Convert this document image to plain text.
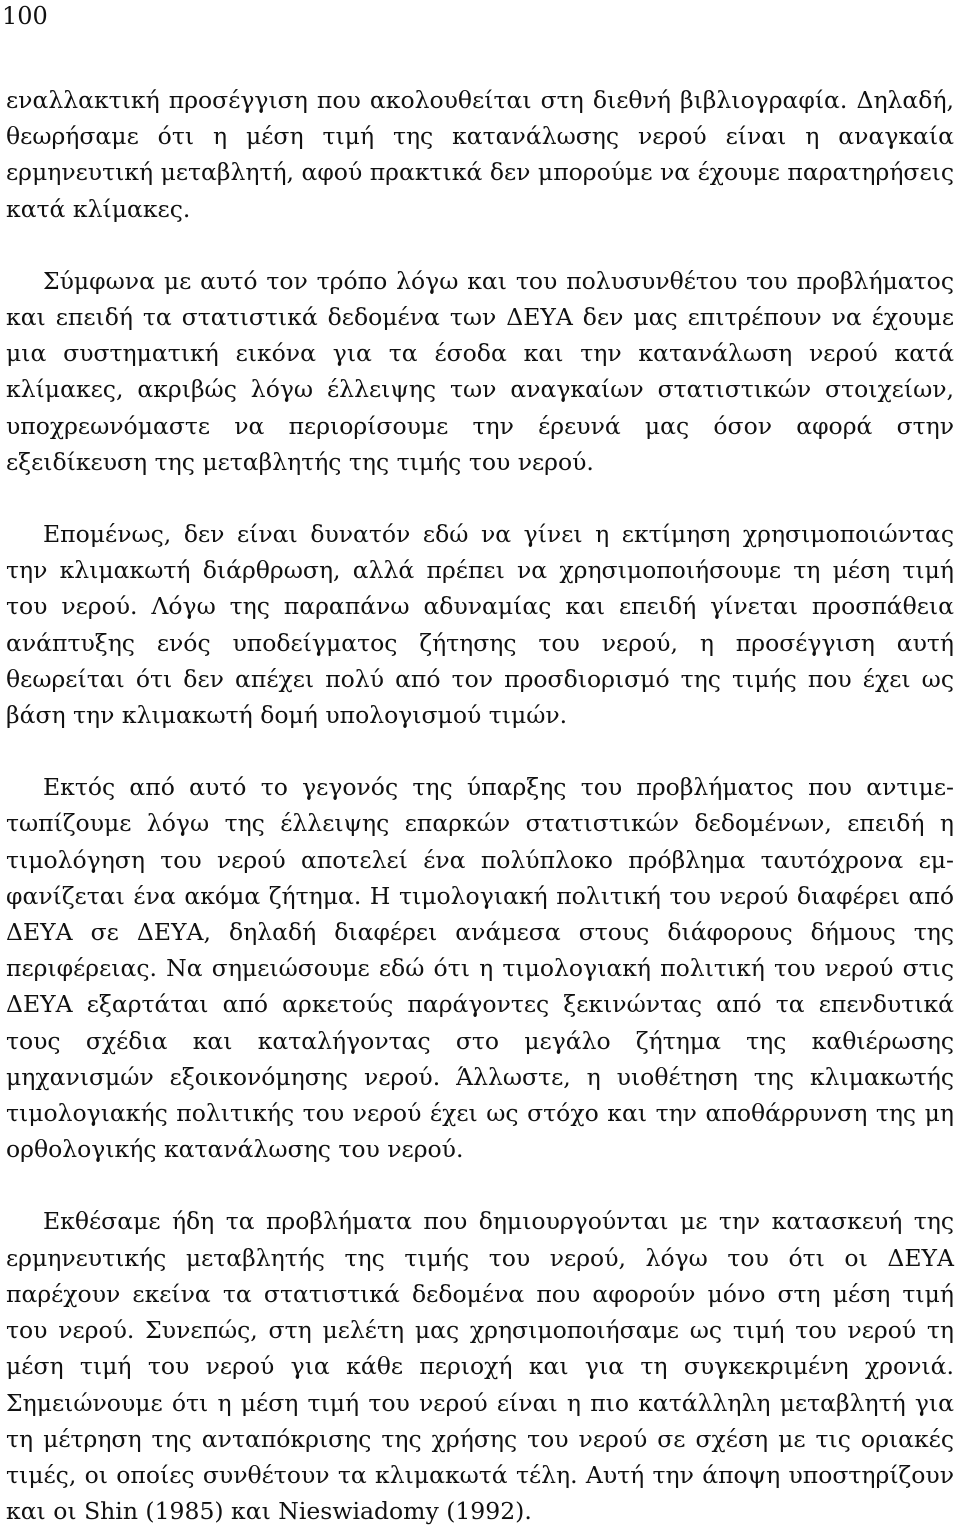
100

εναλλακτική προσέγγιση που ακολουθείται στη διεθνή βιβλιογραφία. Δηλαδή, θεωρήσαμε ότι η μέση τιμή της κατανάλωσης νερού είναι η αναγκαία ερμηνευτική μεταβλητή, αφού πρακτικά δεν μπορούμε να έχουμε παρατηρήσεις κατά κλίμακες.

Σύμφωνα με αυτό τον τρόπο λόγω και του πολυσυνθέτου του προβλήματος και επειδή τα στατιστικά δεδομένα των ΔΕΥΑ δεν μας επιτρέπουν να έχουμε μια συστηματική εικόνα για τα έσοδα και την κατανάλωση νερού κατά κλίμακες, ακριβώς λόγω έλλειψης των αναγκαίων στατιστικών στοιχείων, υποχρεωνόμαστε να περιορίσουμε την έρευνά μας όσον αφορά στην εξειδίκευση της μεταβλητής της τιμής του νερού.

Επομένως, δεν είναι δυνατόν εδώ να γίνει η εκτίμηση χρησιμοποιώντας την κλιμακωτή διάρθρωση, αλλά πρέπει να χρησιμοποιήσουμε τη μέση τιμή του νερού. Λόγω της παραπάνω αδυναμίας και επειδή γίνεται προσπάθεια ανάπτυξης ενός υποδείγματος ζήτησης του νερού, η προσέγγιση αυτή θεωρείται ότι δεν απέχει πολύ από τον προσδιορισμό της τιμής που έχει ως βάση την κλιμακωτή δομή υπολογισμού τιμών.

Εκτός από αυτό το γεγονός της ύπαρξης του προβλήματος που αντιμετωπίζουμε λόγω της έλλειψης επαρκών στατιστικών δεδομένων, επειδή η τιμολόγηση του νερού αποτελεί ένα πολύπλοκο πρόβλημα ταυτόχρονα εμφανίζεται ένα ακόμα ζήτημα. Η τιμολογιακή πολιτική του νερού διαφέρει από ΔΕΥΑ σε ΔΕΥΑ, δηλαδή διαφέρει ανάμεσα στους διάφορους δήμους της περιφέρειας. Να σημειώσουμε εδώ ότι η τιμολογιακή πολιτική του νερού στις ΔΕΥΑ εξαρτάται από αρκετούς παράγοντες ξεκινώντας από τα επενδυτικά τους σχέδια και καταλήγοντας στο μεγάλο ζήτημα της καθιέρωσης μηχανισμών εξοικονόμησης νερού. Άλλωστε, η υιοθέτηση της κλιμακωτής τιμολογιακής πολιτικής του νερού έχει ως στόχο και την αποθάρρυνση της μη ορθολογικής κατανάλωσης του νερού.

Εκθέσαμε ήδη τα προβλήματα που δημιουργούνται με την κατασκευή της ερμηνευτικής μεταβλητής της τιμής του νερού, λόγω του ότι οι ΔΕΥΑ παρέχουν εκείνα τα στατιστικά δεδομένα που αφορούν μόνο στη μέση τιμή του νερού. Συνεπώς, στη μελέτη μας χρησιμοποιήσαμε ως τιμή του νερού τη μέση τιμή του νερού για κάθε περιοχή και για τη συγκεκριμένη χρονιά. Σημειώνουμε ότι η μέση τιμή του νερού είναι η πιο κατάλληλη μεταβλητή για τη μέτρηση της ανταπόκρισης της χρήσης του νερού σε σχέση με τις οριακές τιμές, οι οποίες συνθέτουν τα κλιμακωτά τέλη. Αυτή την άποψη υποστηρίζουν και οι Shin (1985) και Nieswiadomy (1992).
